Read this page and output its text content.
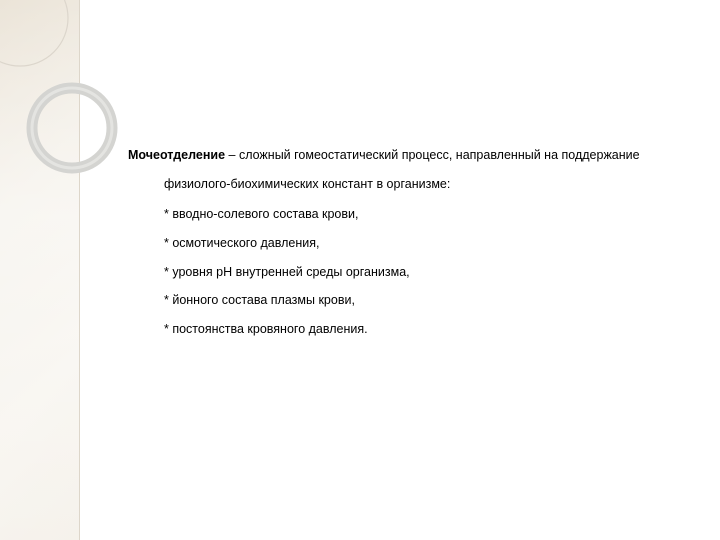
Мочеотделение – сложный гомеостатический процесс, направленный на поддержание

физиолого-биохимических констант в организме:

* вводно-солевого состава крови,
* осмотического давления,
* уровня рН внутренней среды организма,
* йонного состава плазмы крови,
* постоянства кровяного давления.
